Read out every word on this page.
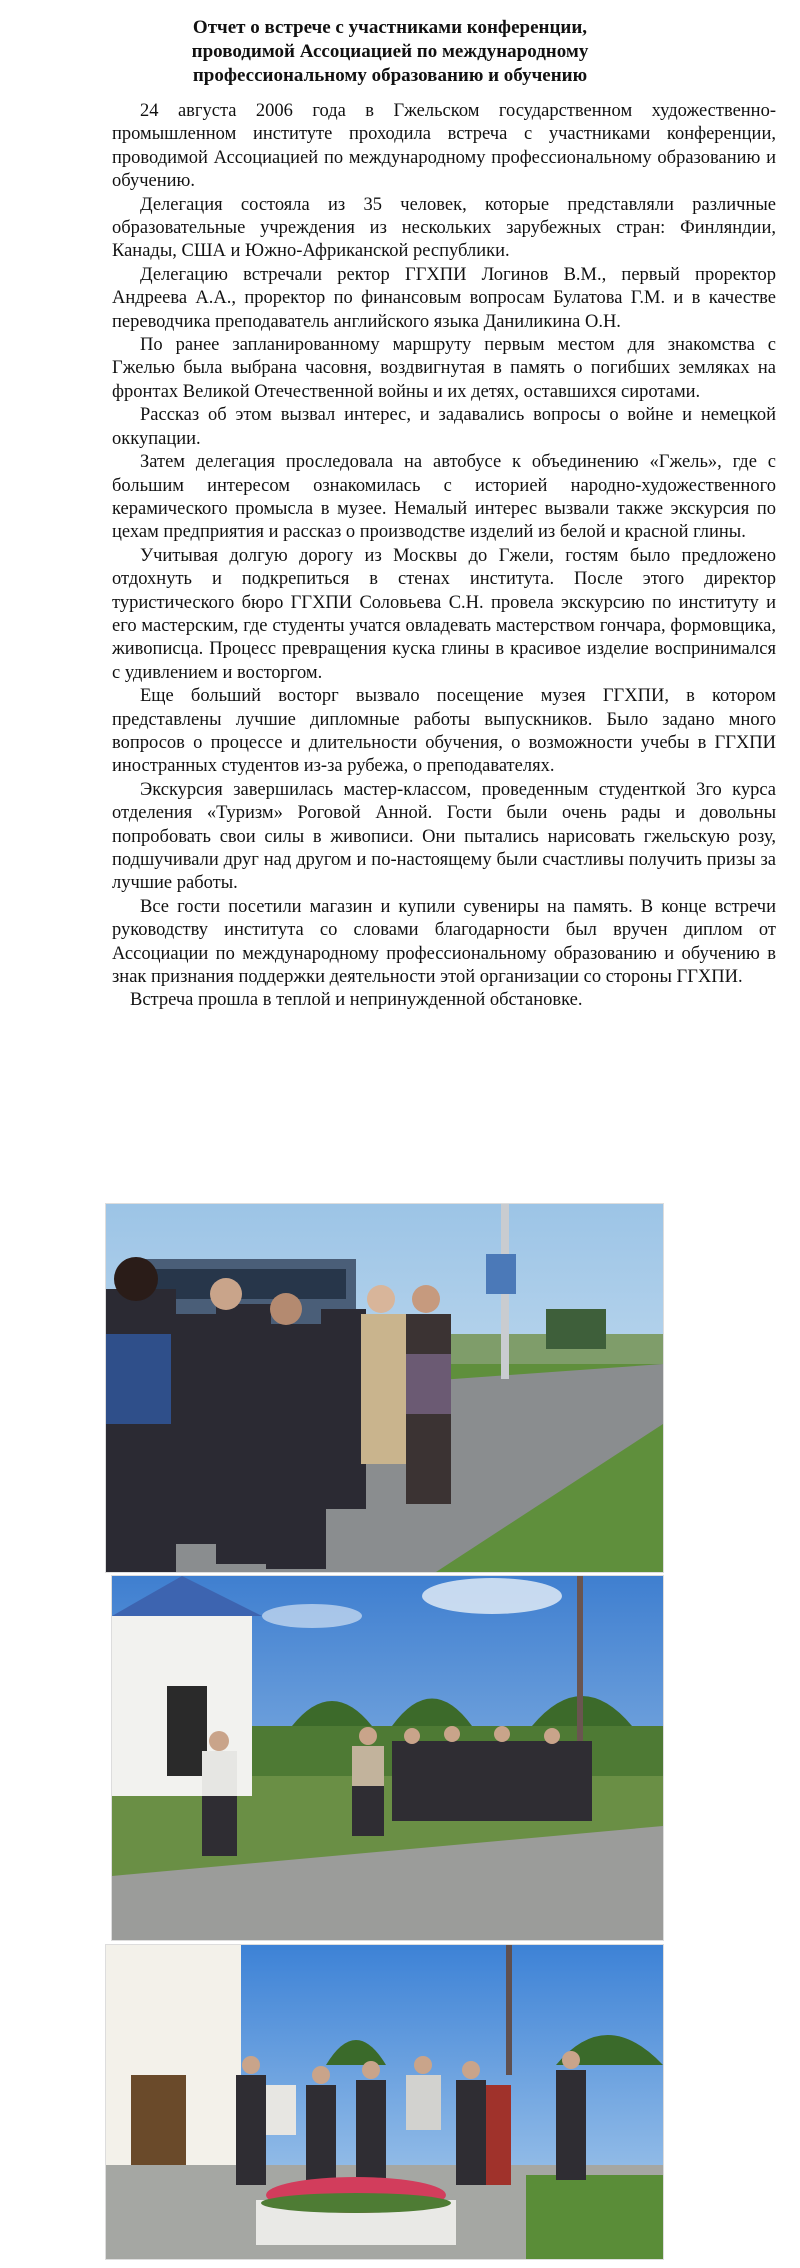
Отчет о встрече с участниками конференции,
проводимой Ассоциацией по международному
профессиональному образованию и обучению

24 августа 2006 года в Гжельском государственном художественно-промышленном институте проходила встреча с участниками конференции, проводимой Ассоциацией по международному профессиональному образованию и обучению.

Делегация состояла из 35 человек, которые представляли различные образовательные учреждения из нескольких зарубежных стран: Финляндии, Канады, США и Южно-Африканской республики.

Делегацию встречали ректор ГГХПИ Логинов В.М., первый проректор Андреева А.А., проректор по финансовым вопросам Булатова Г.М. и в качестве переводчика преподаватель английского языка Даниликина О.Н.

По ранее запланированному маршруту первым местом для знакомства с Гжелью была выбрана часовня, воздвигнутая в память о погибших земляках на фронтах Великой Отечественной войны и их детях, оставшихся сиротами.

Рассказ об этом вызвал интерес, и задавались вопросы о войне и немецкой оккупации.

Затем делегация проследовала на автобусе к объединению «Гжель», где с большим интересом ознакомилась с историей народно-художественного керамического промысла в музее. Немалый интерес вызвали также экскурсия по цехам предприятия и рассказ о производстве изделий из белой и красной глины.

Учитывая долгую дорогу из Москвы до Гжели, гостям было предложено отдохнуть и подкрепиться в стенах института. После этого директор туристического бюро ГГХПИ Соловьева С.Н. провела экскурсию по институту и его мастерским, где студенты учатся овладевать мастерством гончара, формовщика, живописца. Процесс превращения куска глины в красивое изделие воспринимался с удивлением и восторгом.

Еще больший восторг вызвало посещение музея ГГХПИ, в котором представлены лучшие дипломные работы выпускников. Было задано много вопросов о процессе и длительности обучения, о возможности учебы в ГГХПИ иностранных студентов из-за рубежа, о преподавателях.

Экскурсия завершилась мастер-классом, проведенным студенткой 3го курса отделения «Туризм» Роговой Анной. Гости были очень рады и довольны попробовать свои силы в живописи. Они пытались нарисовать гжельскую розу, подшучивали друг над другом и по-настоящему были счастливы получить призы за лучшие работы.

Все гости посетили магазин и купили сувениры на память. В конце встречи руководству института со словами благодарности был вручен диплом от Ассоциации по международному профессиональному образованию и обучению в знак признания поддержки деятельности этой организации со стороны ГГХПИ.

Встреча прошла в теплой и непринужденной обстановке.
